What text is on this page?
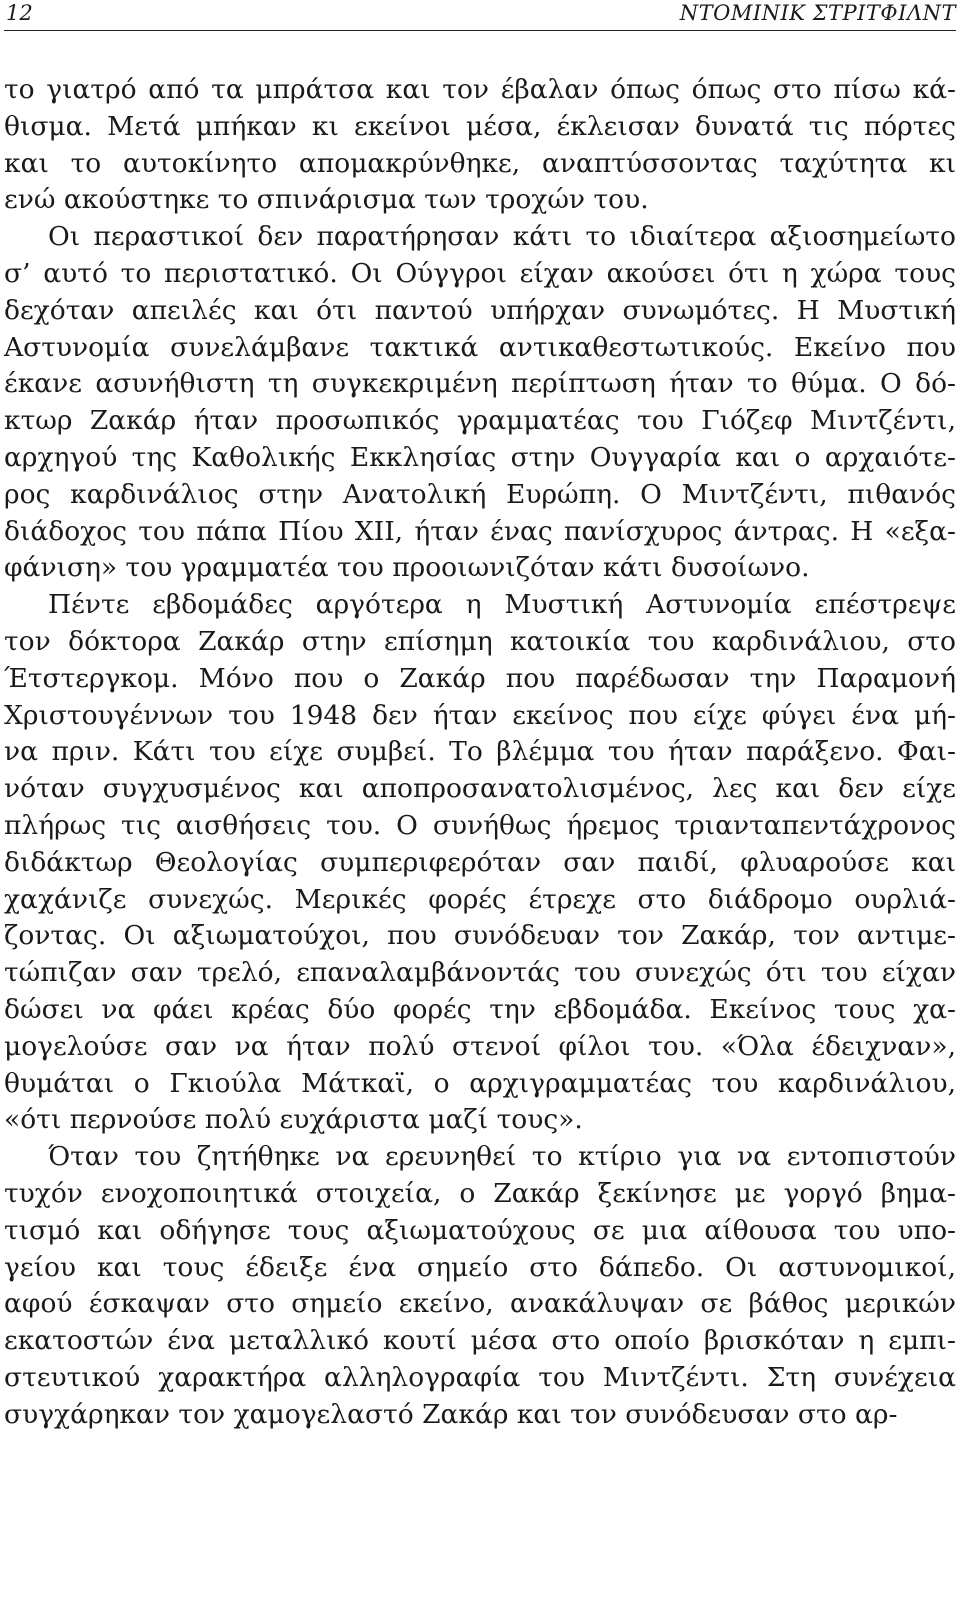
12	ΝΤΟΜΙΝΙΚ ΣΤΡΙΤΦΙΛΝΤ
το γιατρό από τα μπράτσα και τον έβαλαν όπως όπως στο πίσω κά-
θισμα. Μετά μπήκαν κι εκείνοι μέσα, έκλεισαν δυνατά τις πόρτες
και το αυτοκίνητο απομακρύνθηκε, αναπτύσσοντας ταχύτητα κι
ενώ ακούστηκε το σπινάρισμα των τροχών του.
Οι περαστικοί δεν παρατήρησαν κάτι το ιδιαίτερα αξιοσημείωτο
σ’ αυτό το περιστατικό. Οι Ούγγροι είχαν ακούσει ότι η χώρα τους
δεχόταν απειλές και ότι παντού υπήρχαν συνωμότες. Η Μυστική
Αστυνομία συνελάμβανε τακτικά αντικαθεστωτικούς. Εκείνο που
έκανε ασυνήθιστη τη συγκεκριμένη περίπτωση ήταν το θύμα. Ο δό-
κτωρ Ζακάρ ήταν προσωπικός γραμματέας του Γιόζεφ Μιντζέντι,
αρχηγού της Καθολικής Εκκλησίας στην Ουγγαρία και ο αρχαιότε-
ρος καρδινάλιος στην Ανατολική Ευρώπη. Ο Μιντζέντι, πιθανός
διάδοχος του πάπα Πίου ΧΙΙ, ήταν ένας πανίσχυρος άντρας. Η «εξα-
φάνιση» του γραμματέα του προοιωνιζόταν κάτι δυσοίωνο.
Πέντε εβδομάδες αργότερα η Μυστική Αστυνομία επέστρεψε
τον δόκτορα Ζακάρ στην επίσημη κατοικία του καρδινάλιου, στο
Έτστεργκομ. Μόνο που ο Ζακάρ που παρέδωσαν την Παραμονή
Χριστουγέννων του 1948 δεν ήταν εκείνος που είχε φύγει ένα μή-
να πριν. Κάτι του είχε συμβεί. Το βλέμμα του ήταν παράξενο. Φαι-
νόταν συγχυσμένος και αποπροσανατολισμένος, λες και δεν είχε
πλήρως τις αισθήσεις του. Ο συνήθως ήρεμος τριανταπεντάχρονος
διδάκτωρ Θεολογίας συμπεριφερόταν σαν παιδί, φλυαρούσε και
χαχάνιζε συνεχώς. Μερικές φορές έτρεχε στο διάδρομο ουρλιά-
ζοντας. Οι αξιωματούχοι, που συνόδευαν τον Ζακάρ, τον αντιμε-
τώπιζαν σαν τρελό, επαναλαμβάνοντάς του συνεχώς ότι του είχαν
δώσει να φάει κρέας δύο φορές την εβδομάδα. Εκείνος τους χα-
μογελούσε σαν να ήταν πολύ στενοί φίλοι του. «Όλα έδειχναν»,
θυμάται ο Γκιούλα Μάτκαϊ, ο αρχιγραμματέας του καρδινάλιου,
«ότι περνούσε πολύ ευχάριστα μαζί τους».
Όταν του ζητήθηκε να ερευνηθεί το κτίριο για να εντοπιστούν
τυχόν ενοχοποιητικά στοιχεία, ο Ζακάρ ξεκίνησε με γοργό βημα-
τισμό και οδήγησε τους αξιωματούχους σε μια αίθουσα του υπο-
γείου και τους έδειξε ένα σημείο στο δάπεδο. Οι αστυνομικοί,
αφού έσκαψαν στο σημείο εκείνο, ανακάλυψαν σε βάθος μερικών
εκατοστών ένα μεταλλικό κουτί μέσα στο οποίο βρισκόταν η εμπι-
στευτικού χαρακτήρα αλληλογραφία του Μιντζέντι. Στη συνέχεια
συγχάρηκαν τον χαμογελαστό Ζακάρ και τον συνόδευσαν στο αρ-
